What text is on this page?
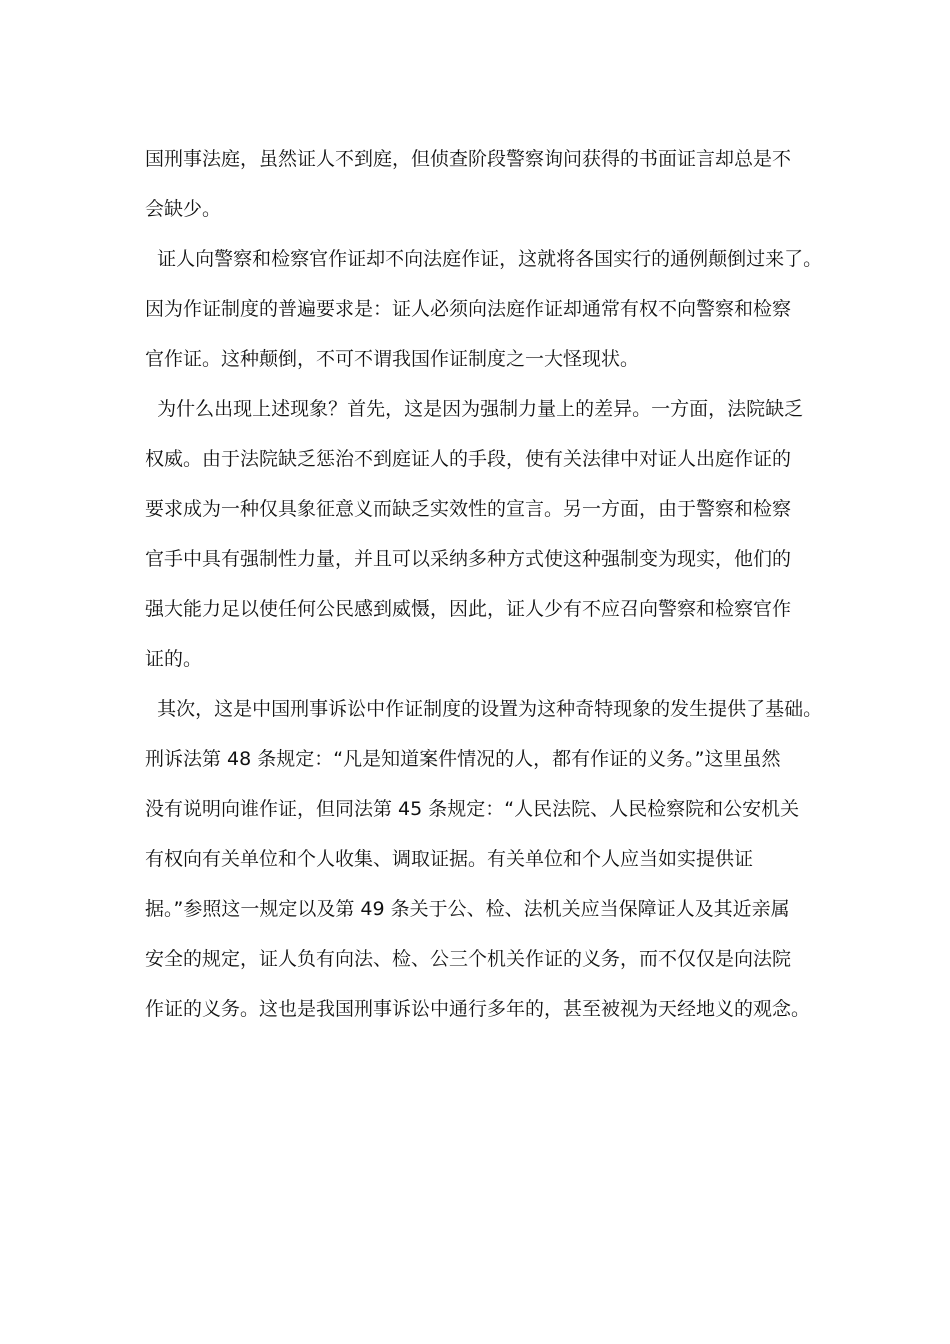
国刑事法庭，虽然证人不到庭，但侦查阶段警察询问获得的书面证言却总是不
会缺少。
证人向警察和检察官作证却不向法庭作证，这就将各国实行的通例颠倒过来了。
因为作证制度的普遍要求是：证人必须向法庭作证却通常有权不向警察和检察
官作证。这种颠倒，不可不谓我国作证制度之一大怪现状。
为什么出现上述现象？首先，这是因为强制力量上的差异。一方面，法院缺乏
权威。由于法院缺乏惩治不到庭证人的手段，使有关法律中对证人出庭作证的
要求成为一种仅具象征意义而缺乏实效性的宣言。另一方面，由于警察和检察
官手中具有强制性力量，并且可以采纳多种方式使这种强制变为现实，他们的
强大能力足以使任何公民感到威慑，因此，证人少有不应召向警察和检察官作
证的。
其次，这是中国刑事诉讼中作证制度的设置为这种奇特现象的发生提供了基础。
刑诉法第 48 条规定：“凡是知道案件情况的人，都有作证的义务。”这里虽然
没有说明向谁作证，但同法第 45 条规定：“人民法院、人民检察院和公安机关
有权向有关单位和个人收集、调取证据。有关单位和个人应当如实提供证
据。”参照这一规定以及第 49 条关于公、检、法机关应当保障证人及其近亲属
安全的规定，证人负有向法、检、公三个机关作证的义务，而不仅仅是向法院
作证的义务。这也是我国刑事诉讼中通行多年的，甚至被视为天经地义的观念。
